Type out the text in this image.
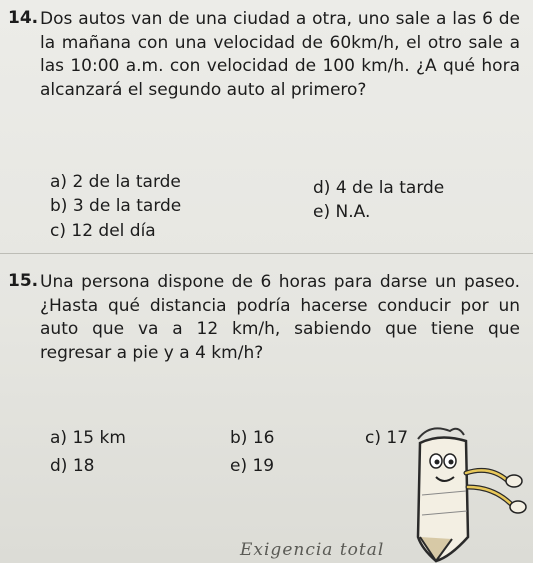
14. Dos autos van de una ciudad a otra, uno sale a las 6 de la mañana con una velocidad de 60km/h, el otro sale a las 10:00 a.m. con velocidad de 100 km/h. ¿A qué hora alcanzará el segundo auto al primero?
a) 2 de la tarde
b) 3 de la tarde
c) 12 del día
d) 4 de la tarde
e) N.A.
15. Una persona dispone de 6 horas para darse un paseo. ¿Hasta qué distancia podría hacerse conducir por un auto que va a 12 km/h, sabiendo que tiene que regresar a pie y a 4 km/h?
a) 15 km
d) 18
b) 16
e) 19
c) 17
Exigencia total
